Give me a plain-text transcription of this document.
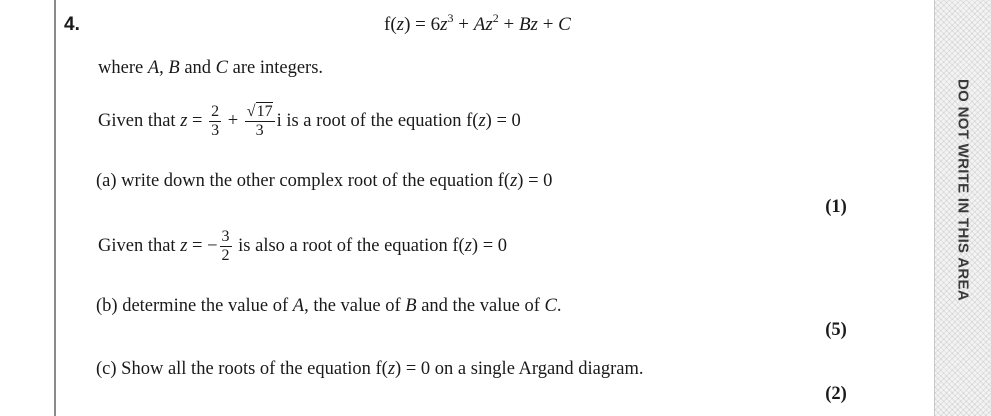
4.	$f(z) = 6z^3 + Az^2 + Bz + C$
where A, B and C are integers.
Given that $z = \frac{2}{3} + \frac{√17}{3}$ i is a root of the equation f(z) = 0
(a) write down the other complex root of the equation f(z) = 0
(1)
Given that z = − $\frac{3}{2}$ is also a root of the equation f(z) = 0
(b) determine the value of A, the value of B and the value of C.
(5)
(c) Show all the roots of the equation f(z) = 0 on a single Argand diagram.
(2)
DO NOT WRITE IN THIS AREA
